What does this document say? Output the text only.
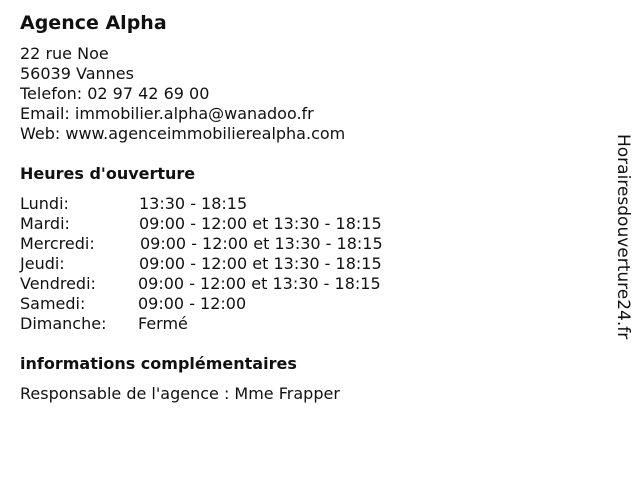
Agence Alpha
22 rue Noe
56039 Vannes
Telefon: 02 97 42 69 00
Email: immobilier.alpha@wanadoo.fr
Web: www.agenceimmobilierealpha.com
Heures d'ouverture
Lundi:	13:30 - 18:15
Mardi:	09:00 - 12:00 et 13:30 - 18:15
Mercredi:	09:00 - 12:00 et 13:30 - 18:15
Jeudi:	09:00 - 12:00 et 13:30 - 18:15
Vendredi:	09:00 - 12:00 et 13:30 - 18:15
Samedi:	09:00 - 12:00
Dimanche: Fermé
informations complémentaires
Responsable de l'agence : Mme Frapper
Horairesdouverture24.fr
